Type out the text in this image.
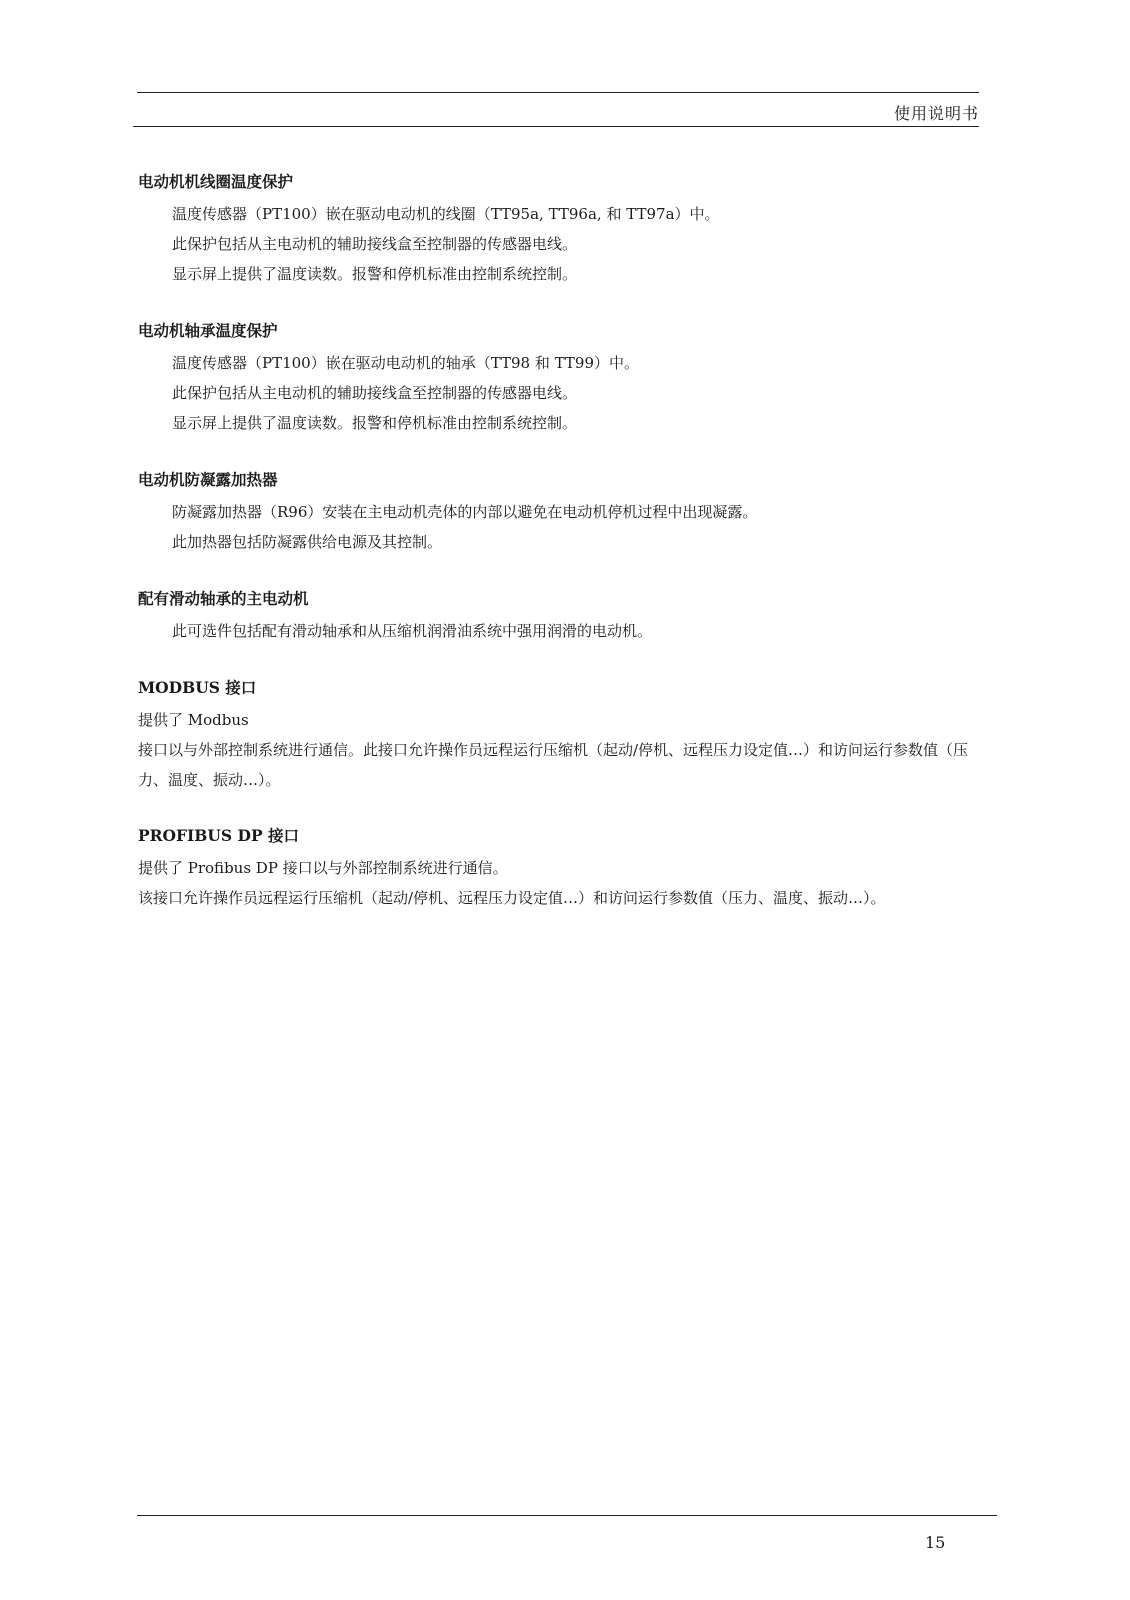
使用说明书
电动机机线圈温度保护
温度传感器（PT100）嵌在驱动电动机的线圈（TT95a, TT96a, 和 TT97a）中。
此保护包括从主电动机的辅助接线盒至控制器的传感器电线。
显示屏上提供了温度读数。报警和停机标准由控制系统控制。
电动机轴承温度保护
温度传感器（PT100）嵌在驱动电动机的轴承（TT98 和 TT99）中。
此保护包括从主电动机的辅助接线盒至控制器的传感器电线。
显示屏上提供了温度读数。报警和停机标准由控制系统控制。
电动机防凝露加热器
防凝露加热器（R96）安装在主电动机壳体的内部以避免在电动机停机过程中出现凝露。
此加热器包括防凝露供给电源及其控制。
配有滑动轴承的主电动机
此可选件包括配有滑动轴承和从压缩机润滑油系统中强用润滑的电动机。
MODBUS 接口
提供了 Modbus
接口以与外部控制系统进行通信。此接口允许操作员远程运行压缩机（起动/停机、远程压力设定值…）和访问运行参数值（压力、温度、振动…）。
PROFIBUS DP 接口
提供了 Profibus DP 接口以与外部控制系统进行通信。
该接口允许操作员远程运行压缩机（起动/停机、远程压力设定值…）和访问运行参数值（压力、温度、振动…）。
15
